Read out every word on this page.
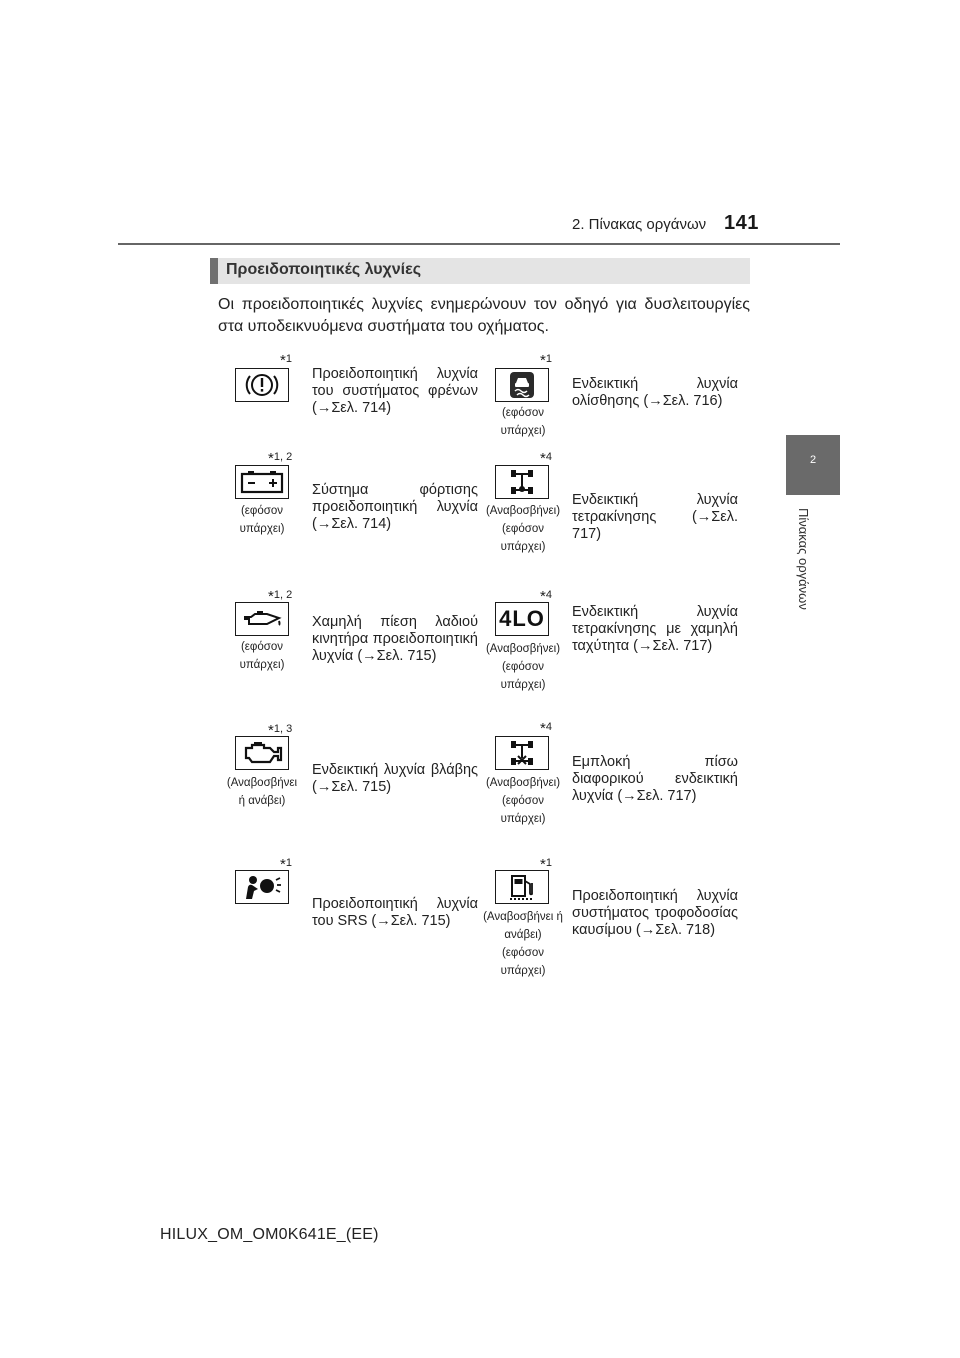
2. Πίνακας οργάνων 141
2
Πίνακας οργάνων
Προειδοποιητικές λυχνίες
Οι προειδοποιητικές λυχνίες ενημερώνουν τον οδηγό για δυσλειτουργίες στα υποδεικνυόμενα συστήματα του οχήματος.
HILUX_OM_OM0K641E_(EE)
*1
Προειδοποιητική λυχνία του συστήματος φρένων (→Σελ. 714)
*1
(εφόσον υπάρχει)
Ενδεικτική λυχνία ολίσθησης (→Σελ. 716)
*1, 2
(εφόσον υπάρχει)
Σύστημα φόρτισης προειδοποιητική λυχνία (→Σελ. 714)
*4
(Αναβοσβήνει)
(εφόσον υπάρχει)
Ενδεικτική λυχνία τετρακίνησης (→Σελ. 717)
*1, 2
(εφόσον υπάρχει)
Χαμηλή πίεση λαδιού κινητήρα προειδοποιητική λυχνία (→Σελ. 715)
4LO
*4
(Αναβοσβήνει)
(εφόσον υπάρχει)
Ενδεικτική λυχνία τετρακίνησης με χαμηλή ταχύτητα (→Σελ. 717)
*1, 3
(Αναβοσβήνει ή ανάβει)
Ενδεικτική λυχνία βλάβης (→Σελ. 715)
*4
(Αναβοσβήνει)
(εφόσον υπάρχει)
Εμπλοκή πίσω διαφορικού ενδεικτική λυχνία (→Σελ. 717)
*1
Προειδοποιητική λυχνία του SRS (→Σελ. 715)
*1
(Αναβοσβήνει ή ανάβει)
(εφόσον υπάρχει)
Προειδοποιητική λυχνία συστήματος τροφοδοσίας καυσίμου (→Σελ. 718)
